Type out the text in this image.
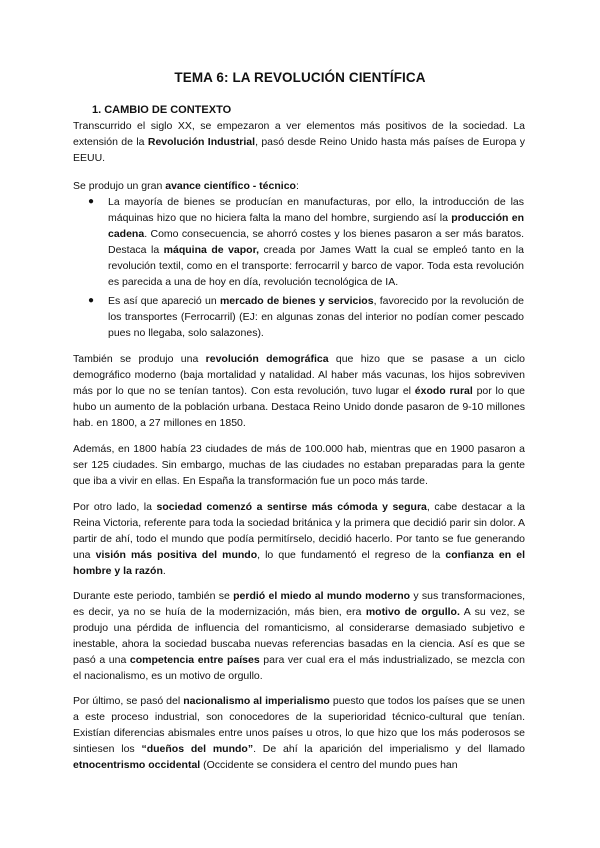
TEMA 6: LA REVOLUCIÓN CIENTÍFICA
1. CAMBIO DE CONTEXTO

Transcurrido el siglo XX, se empezaron a ver elementos más positivos de la sociedad. La extensión de la Revolución Industrial, pasó desde Reino Unido hasta más países de Europa y EEUU.

Se produjo un gran avance científico - técnico:

● La mayoría de bienes se producían en manufacturas, por ello, la introducción de las máquinas hizo que no hiciera falta la mano del hombre, surgiendo así la producción en cadena. Como consecuencia, se ahorró costes y los bienes pasaron a ser más baratos. Destaca la máquina de vapor, creada por James Watt la cual se empleó tanto en la revolución textil, como en el transporte: ferrocarril y barco de vapor. Toda esta revolución es parecida a una de hoy en día, revolución tecnológica de IA.
● Es así que apareció un mercado de bienes y servicios, favorecido por la revolución de los transportes (Ferrocarril) (EJ: en algunas zonas del interior no podían comer pescado pues no llegaba, solo salazones).

También se produjo una revolución demográfica que hizo que se pasase a un ciclo demográfico moderno (baja mortalidad y natalidad. Al haber más vacunas, los hijos sobreviven más por lo que no se tenían tantos). Con esta revolución, tuvo lugar el éxodo rural por lo que hubo un aumento de la población urbana. Destaca Reino Unido donde pasaron de 9-10 millones hab. en 1800, a 27 millones en 1850.

Además, en 1800 había 23 ciudades de más de 100.000 hab, mientras que en 1900 pasaron a ser 125 ciudades. Sin embargo, muchas de las ciudades no estaban preparadas para la gente que iba a vivir en ellas. En España la transformación fue un poco más tarde.

Por otro lado, la sociedad comenzó a sentirse más cómoda y segura, cabe destacar a la Reina Victoria, referente para toda la sociedad británica y la primera que decidió parir sin dolor. A partir de ahí, todo el mundo que podía permitírselo, decidió hacerlo. Por tanto se fue generando una visión más positiva del mundo, lo que fundamentó el regreso de la confianza en el hombre y la razón.

Durante este periodo, también se perdió el miedo al mundo moderno y sus transformaciones, es decir, ya no se huía de la modernización, más bien, era motivo de orgullo. A su vez, se produjo una pérdida de influencia del romanticismo, al considerarse demasiado subjetivo e inestable, ahora la sociedad buscaba nuevas referencias basadas en la ciencia. Así es que se pasó a una competencia entre países para ver cual era el más industrializado, se mezcla con el nacionalismo, es un motivo de orgullo.

Por último, se pasó del nacionalismo al imperialismo puesto que todos los países que se unen a este proceso industrial, son conocedores de la superioridad técnico-cultural que tenían. Existían diferencias abismales entre unos países u otros, lo que hizo que los más poderosos se sintiesen los “dueños del mundo”. De ahí la aparición del imperialismo y del llamado etnocentrismo occidental (Occidente se considera el centro del mundo pues han
